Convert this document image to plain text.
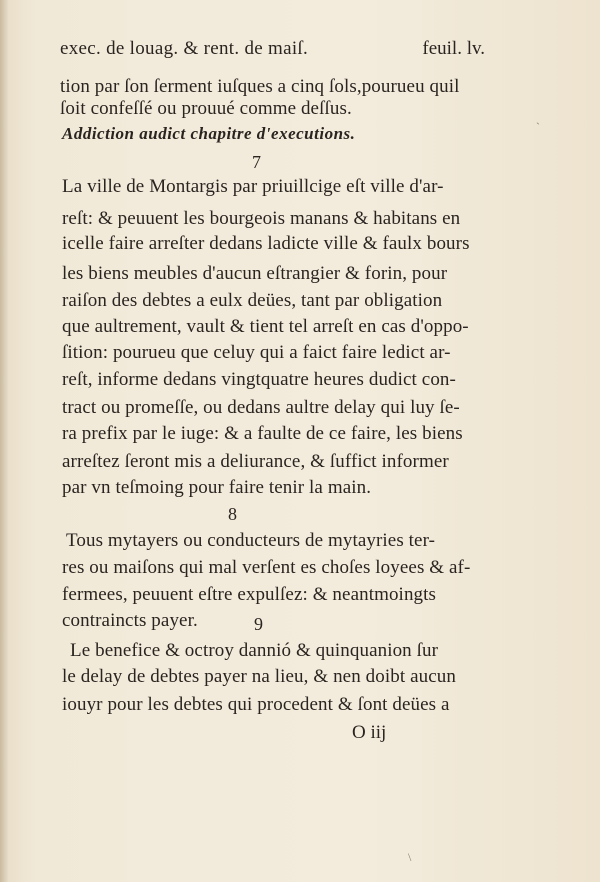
exec. de louag. & rent. de maiſ.	feuil. lv.
tion par ſon ſerment iuſques a cinq ſols,pourueu quil
ſoit confeſſé ou prouué comme deſſus.
Addiction audict chapitre d'executions.
7
La ville de Montargis par priuillcige eſt ville d'ar-
reſt: & peuuent les bourgeois manans & habitans en
icelle faire arreſter dedans ladicte ville & faulx bours
les biens meubles d'aucun eſtrangier & forin, pour
raiſon des debtes a eulx deües, tant par obligation
que aultrement, vault & tient tel arreſt en cas d'oppo-
ſition: pourueu que celuy qui a faict faire ledict ar-
reſt, informe dedans vingtquatre heures dudict con-
tract ou promeſſe, ou dedans aultre delay qui luy ſe-
ra prefix par le iuge: & a faulte de ce faire, les biens
arreſtez ſeront mis a deliurance, & ſuffict informer
par vn teſmoing pour faire tenir la main.
8
Tous mytayers ou conducteurs de mytayries ter-
res ou maiſons qui mal verſent es choſes loyees & af-
fermees, peuuent eſtre expulſez: & neantmoingts
contraincts payer.	9
Le benefice & octroy dannió & quinquanion ſur
le delay de debtes payer na lieu, & nen doibt aucun
iouyr pour les debtes qui procedent & ſont deües a
O iij
`
\
